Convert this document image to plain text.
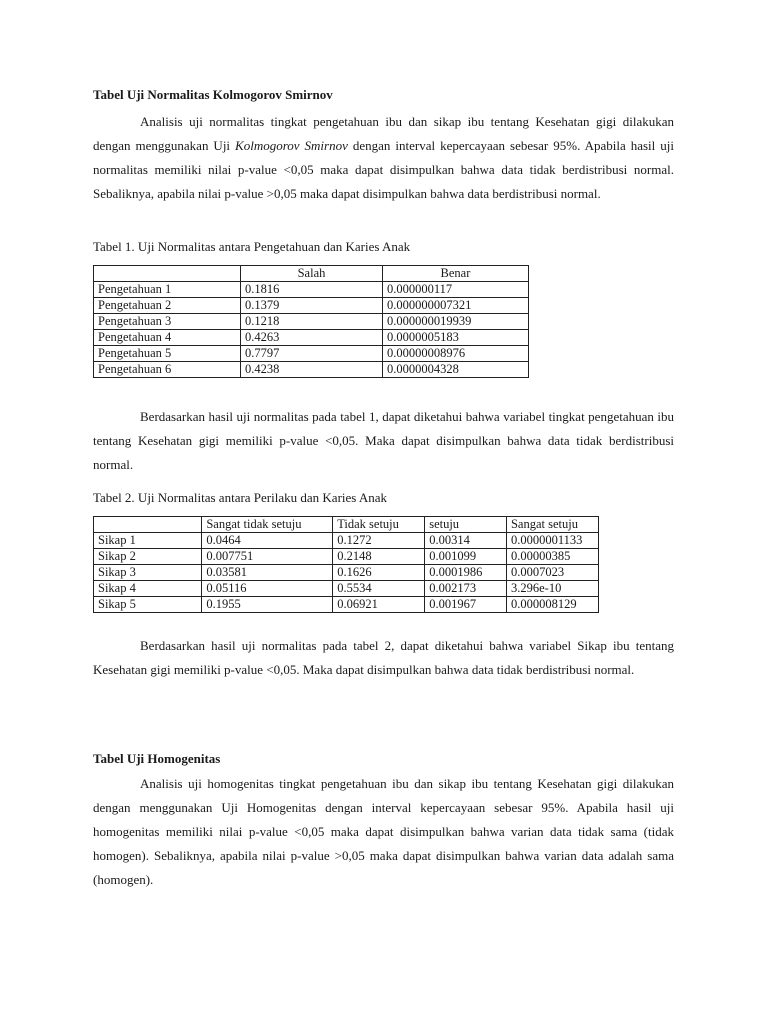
Tabel Uji Normalitas Kolmogorov Smirnov

Analisis uji normalitas tingkat pengetahuan ibu dan sikap ibu tentang Kesehatan gigi dilakukan dengan menggunakan Uji Kolmogorov Smirnov dengan interval kepercayaan sebesar 95%. Apabila hasil uji normalitas memiliki nilai p-value <0,05 maka dapat disimpulkan bahwa data tidak berdistribusi normal. Sebaliknya, apabila nilai p-value >0,05 maka dapat disimpulkan bahwa data berdistribusi normal.

Tabel 1. Uji Normalitas antara Pengetahuan dan Karies Anak
	Salah	Benar
Pengetahuan 1	0.1816	0.000000117
Pengetahuan 2	0.1379	0.000000007321
Pengetahuan 3	0.1218	0.000000019939
Pengetahuan 4	0.4263	0.0000005183
Pengetahuan 5	0.7797	0.00000008976
Pengetahuan 6	0.4238	0.0000004328

Berdasarkan hasil uji normalitas pada tabel 1, dapat diketahui bahwa variabel tingkat pengetahuan ibu tentang Kesehatan gigi memiliki p-value <0,05. Maka dapat disimpulkan bahwa data tidak berdistribusi normal.

Tabel 2. Uji Normalitas antara Perilaku dan Karies Anak
	Sangat tidak setuju	Tidak setuju	setuju	Sangat setuju
Sikap 1	0.0464	0.1272	0.00314	0.0000001133
Sikap 2	0.007751	0.2148	0.001099	0.00000385
Sikap 3	0.03581	0.1626	0.0001986	0.0007023
Sikap 4	0.05116	0.5534	0.002173	3.296e-10
Sikap 5	0.1955	0.06921	0.001967	0.000008129

Berdasarkan hasil uji normalitas pada tabel 2, dapat diketahui bahwa variabel Sikap ibu tentang Kesehatan gigi memiliki p-value <0,05. Maka dapat disimpulkan bahwa data tidak berdistribusi normal.

Tabel Uji Homogenitas

Analisis uji homogenitas tingkat pengetahuan ibu dan sikap ibu tentang Kesehatan gigi dilakukan dengan menggunakan Uji Homogenitas dengan interval kepercayaan sebesar 95%. Apabila hasil uji homogenitas memiliki nilai p-value <0,05 maka dapat disimpulkan bahwa varian data tidak sama (tidak homogen). Sebaliknya, apabila nilai p-value >0,05 maka dapat disimpulkan bahwa varian data adalah sama (homogen).
